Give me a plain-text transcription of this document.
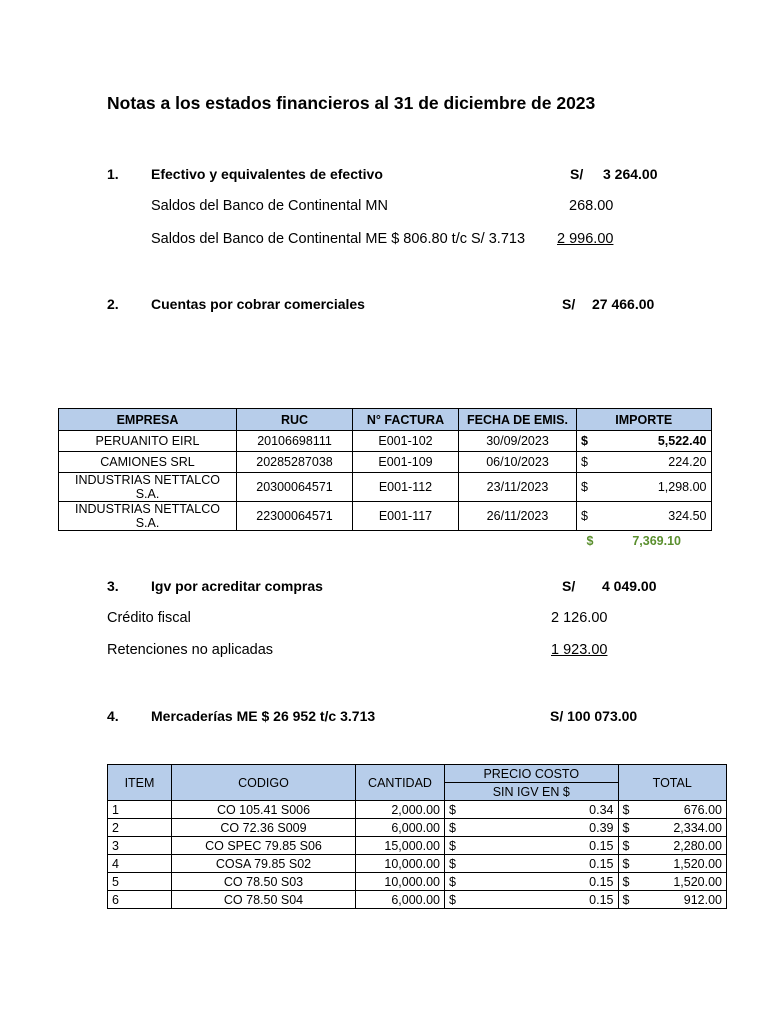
Notas a los estados financieros al 31 de diciembre de 2023
1. Efectivo y equivalentes de efectivo	S/ 3 264.00
Saldos del Banco de Continental MN	268.00
Saldos del Banco de Continental ME $ 806.80 t/c S/ 3.713 2 996.00
2. Cuentas por cobrar comerciales	S/ 27 466.00
EMPRESA	RUC	N° FACTURA	FECHA DE EMIS.	IMPORTE	
PERUANITO EIRL	20106698111	E001-102	30/09/2023	$	5,522.40
CAMIONES SRL	20285287038	E001-109	06/10/2023	$	224.20
INDUSTRIAS NETTALCO S.A.	20300064571	E001-112	23/11/2023	$	1,298.00
INDUSTRIAS NETTALCO S.A.	22300064571	E001-117	26/11/2023	$	324.50
				$	7,369.10
3. Igv por acreditar compras	S/ 4 049.00
Crédito fiscal	2 126.00
Retenciones no aplicadas	1 923.00
4. Mercaderías ME $ 26 952 t/c 3.713	S/ 100 073.00
ITEM	CODIGO	CANTIDAD	PRECIO COSTO		TOTAL	
			SIN IGV EN $			
1	CO 105.41 S006	2,000.00	$	0.34	$	676.00
2	CO 72.36 S009	6,000.00	$	0.39	$	2,334.00
3	CO SPEC 79.85 S06	15,000.00	$	0.15	$	2,280.00
4	COSA 79.85 S02	10,000.00	$	0.15	$	1,520.00
5	CO 78.50 S03	10,000.00	$	0.15	$	1,520.00
6	CO 78.50 S04	6,000.00	$	0.15	$	912.00
